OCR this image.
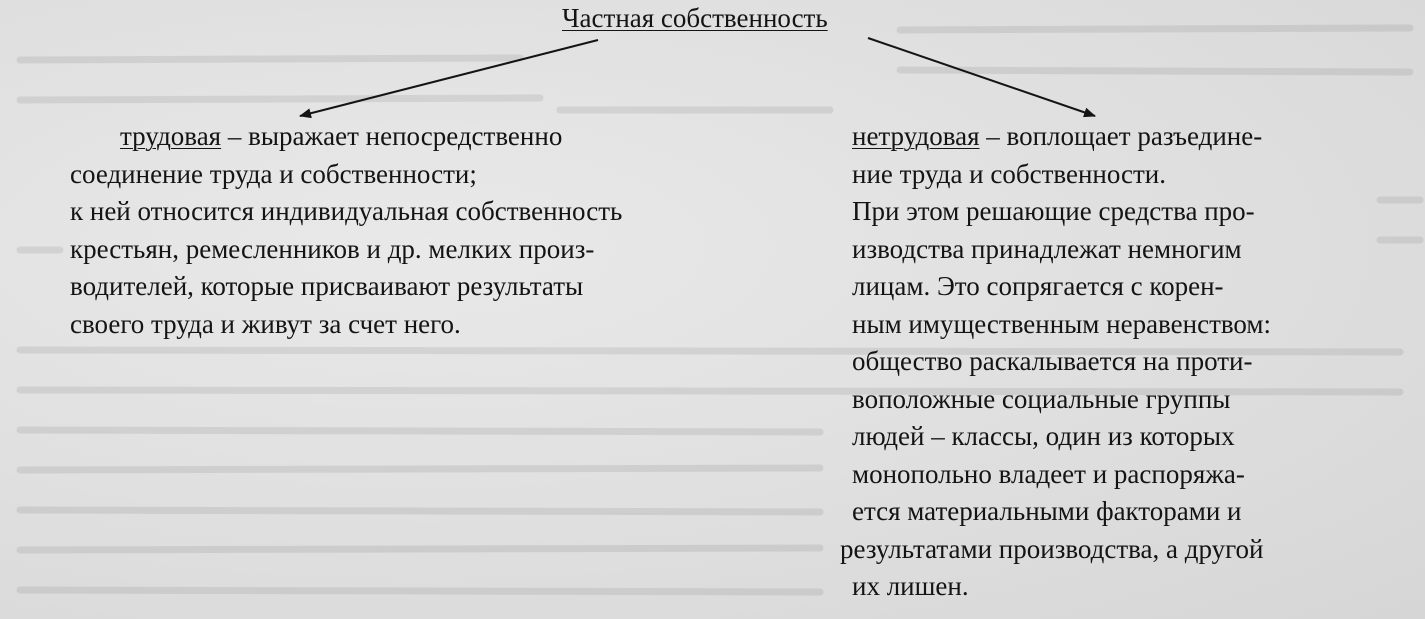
Частная собственность
трудовая – выражает непосредственно
соединение труда и собственности;
к ней относится индивидуальная собственность
крестьян, ремесленников и др. мелких произ-
водителей, которые присваивают результаты
своего труда и живут за счет него.
нетрудовая – воплощает разъедине-
ние труда и собственности.
При этом решающие средства про-
изводства принадлежат немногим
лицам. Это сопрягается с корен-
ным имущественным неравенством:
общество раскалывается на проти-
воположные социальные группы
людей – классы, один из которых
монопольно владеет и распоряжа-
ется материальными факторами и
результатами производства, а другой
их лишен.
